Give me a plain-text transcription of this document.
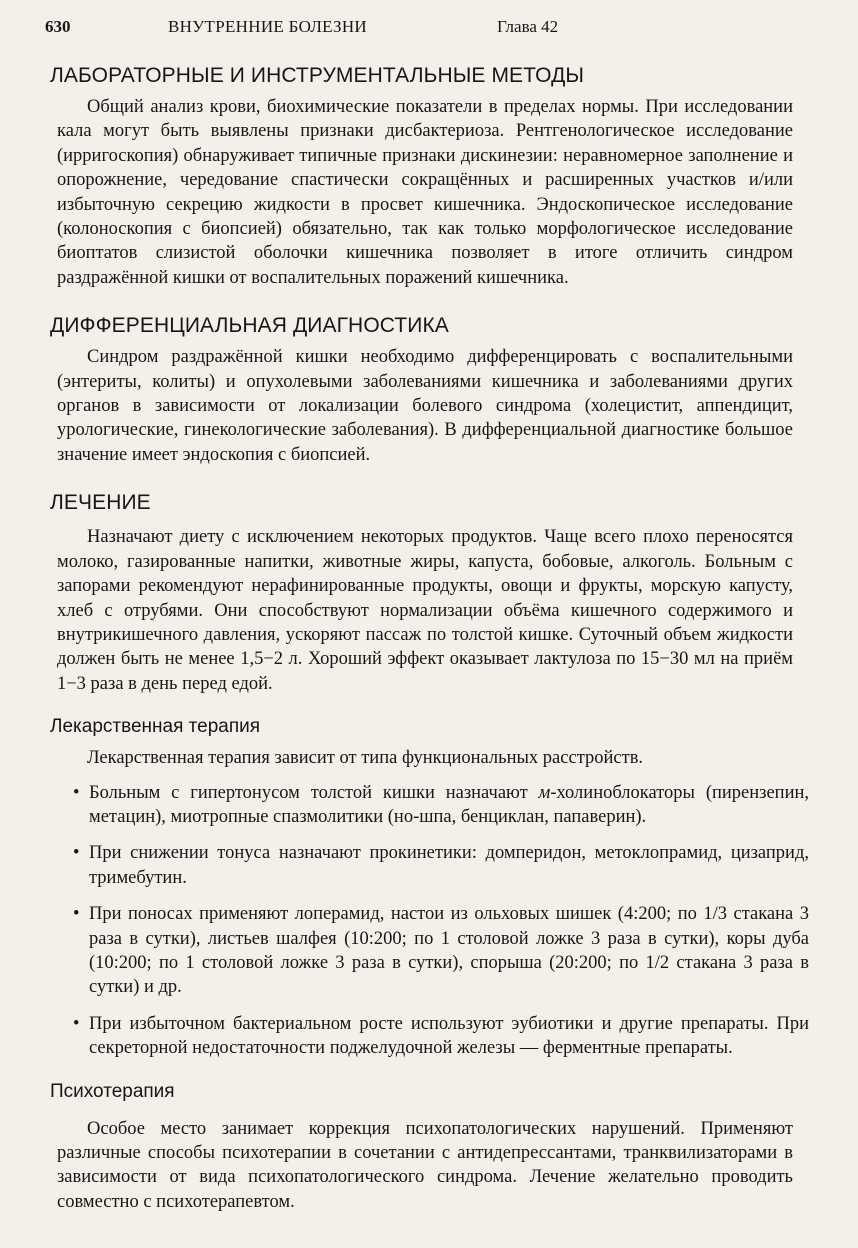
630	ВНУТРЕННИЕ БОЛЕЗНИ	Глава 42
ЛАБОРАТОРНЫЕ И ИНСТРУМЕНТАЛЬНЫЕ МЕТОДЫ

Общий анализ крови, биохимические показатели в пределах нормы. При исследовании кала могут быть выявлены признаки дисбактериоза. Рентгенологическое исследование (ирригоскопия) обнаруживает типичные признаки дискинезии: неравномерное заполнение и опорожнение, чередование спастически сокращённых и расширенных участков и/или избыточную секрецию жидкости в просвет кишечника. Эндоскопическое исследование (колоноскопия с биопсией) обязательно, так как только морфологическое исследование биоптатов слизистой оболочки кишечника позволяет в итоге отличить синдром раздражённой кишки от воспалительных поражений кишечника.

ДИФФЕРЕНЦИАЛЬНАЯ ДИАГНОСТИКА

Синдром раздражённой кишки необходимо дифференцировать с воспалительными (энтериты, колиты) и опухолевыми заболеваниями кишечника и заболеваниями других органов в зависимости от локализации болевого синдрома (холецистит, аппендицит, урологические, гинекологические заболевания). В дифференциальной диагностике большое значение имеет эндоскопия с биопсией.

ЛЕЧЕНИЕ

Назначают диету с исключением некоторых продуктов. Чаще всего плохо переносятся молоко, газированные напитки, животные жиры, капуста, бобовые, алкоголь. Больным с запорами рекомендуют нерафинированные продукты, овощи и фрукты, морскую капусту, хлеб с отрубями. Они способствуют нормализации объёма кишечного содержимого и внутрикишечного давления, ускоряют пассаж по толстой кишке. Суточный объем жидкости должен быть не менее 1,5−2 л. Хороший эффект оказывает лактулоза по 15−30 мл на приём 1−3 раза в день перед едой.

Лекарственная терапия

Лекарственная терапия зависит от типа функциональных расстройств.

• Больным с гипертонусом толстой кишки назначают м-холиноблокаторы (пирензепин, метацин), миотропные спазмолитики (но-шпа, бенциклан, папаверин).
• При снижении тонуса назначают прокинетики: домперидон, метоклопрамид, цизаприд, тримебутин.
• При поносах применяют лоперамид, настои из ольховых шишек (4:200; по 1/3 стакана 3 раза в сутки), листьев шалфея (10:200; по 1 столовой ложке 3 раза в сутки), коры дуба (10:200; по 1 столовой ложке 3 раза в сутки), спорыша (20:200; по 1/2 стакана 3 раза в сутки) и др.
• При избыточном бактериальном росте используют эубиотики и другие препараты. При секреторной недостаточности поджелудочной железы — ферментные препараты.
Психотерапия

Особое место занимает коррекция психопатологических нарушений. Применяют различные способы психотерапии в сочетании с антидепрессантами, транквилизаторами в зависимости от вида психопатологического синдрома. Лечение желательно проводить совместно с психотерапевтом.
